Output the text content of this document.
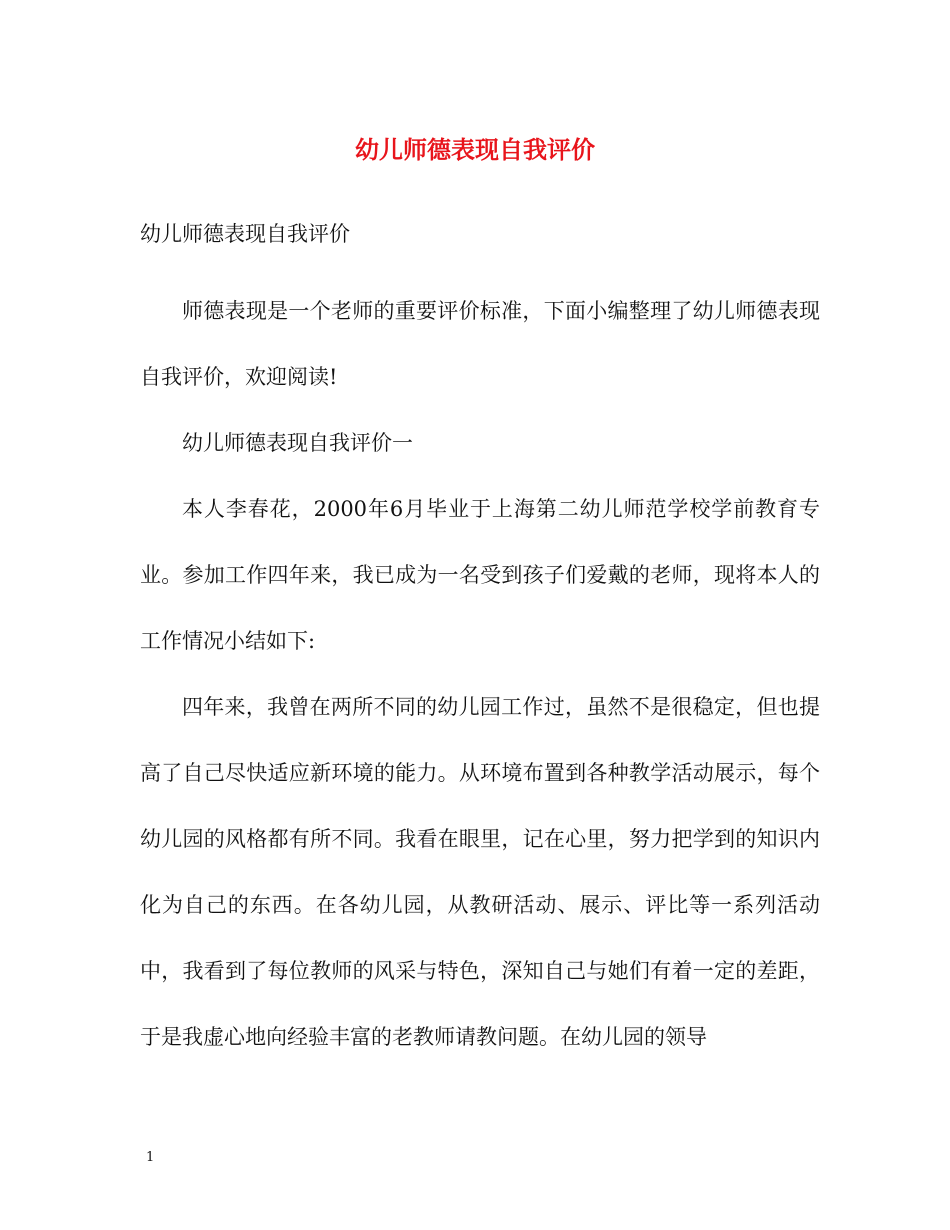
幼儿师德表现自我评价

幼儿师德表现自我评价

师德表现是一个老师的重要评价标准，下面小编整理了幼儿师德表现自我评价，欢迎阅读!

幼儿师德表现自我评价一

本人李春花，2000年6月毕业于上海第二幼儿师范学校学前教育专业。参加工作四年来，我已成为一名受到孩子们爱戴的老师，现将本人的工作情况小结如下:

四年来，我曾在两所不同的幼儿园工作过，虽然不是很稳定，但也提高了自己尽快适应新环境的能力。从环境布置到各种教学活动展示，每个幼儿园的风格都有所不同。我看在眼里，记在心里，努力把学到的知识内化为自己的东西。在各幼儿园，从教研活动、展示、评比等一系列活动中，我看到了每位教师的风采与特色，深知自己与她们有着一定的差距，于是我虚心地向经验丰富的老教师请教问题。在幼儿园的领导

1
